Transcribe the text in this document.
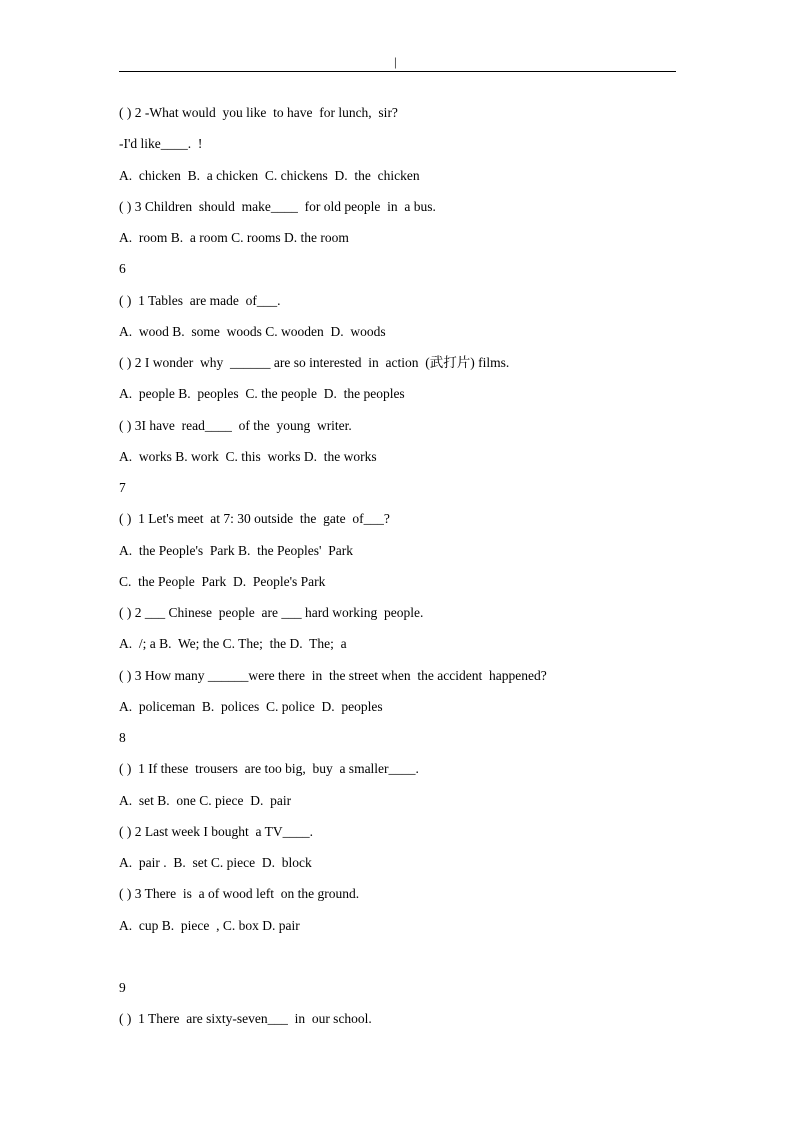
|
( ) 2 -What would  you like  to have  for lunch,  sir?
-I'd like____.  !
A.  chicken  B.  a chicken  C. chickens  D.  the  chicken
( ) 3 Children  should  make____  for old people  in  a bus.
A.  room B.  a room C. rooms D. the room
6
( )  1 Tables  are made  of___.
A.  wood B.  some  woods C. wooden  D.  woods
( ) 2 I wonder  why  ______ are so interested  in  action  (武打片) films.
A.  people B.  peoples  C. the people  D.  the peoples
( ) 3I have  read____  of the  young  writer.
A.  works B. work  C. this  works D.  the works
7
( )  1 Let's meet  at 7: 30 outside  the  gate  of___?
A.  the People's  Park B.  the Peoples'  Park
C.  the People  Park  D.  People's Park
( ) 2 ___ Chinese  people  are ___ hard working  people.
A.  /; a B.  We; the C. The;  the D.  The;  a
( ) 3 How many ______were there  in  the street when  the accident  happened?
A.  policeman  B.  polices  C. police  D.  peoples
8
( )  1 If these  trousers  are too big,  buy  a smaller____.
A.  set B.  one C. piece  D.  pair
( ) 2 Last week I bought  a TV____.
A.  pair .  B.  set C. piece  D.  block
( ) 3 There  is  a of wood left  on the ground.
A.  cup B.  piece  , C. box D. pair
9
( )  1 There  are sixty-seven___  in  our school.
